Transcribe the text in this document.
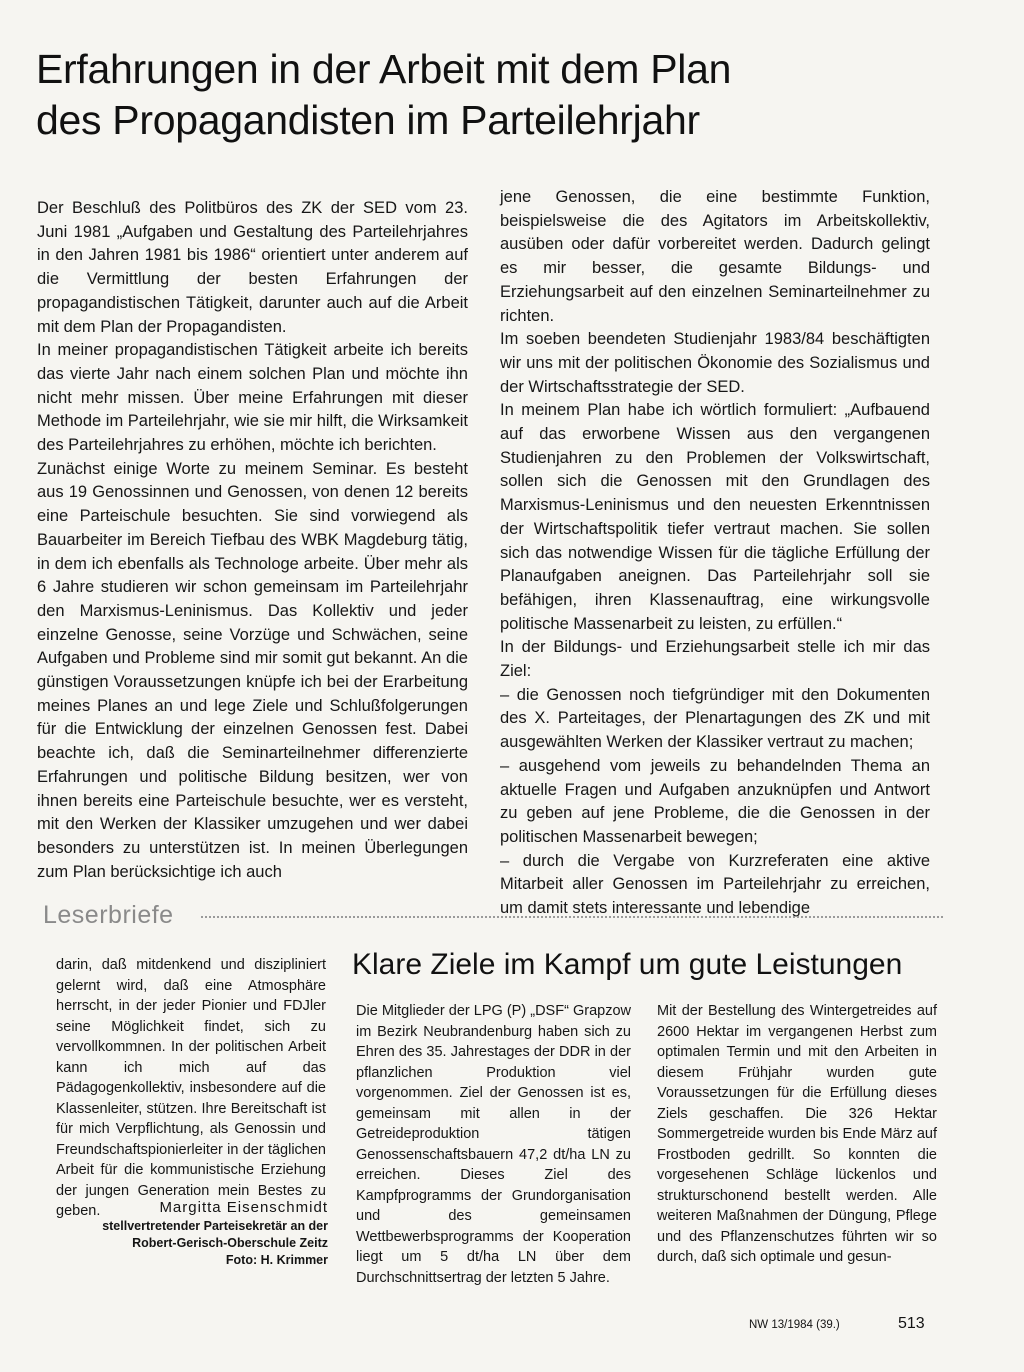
Erfahrungen in der Arbeit mit dem Plan
des Propagandisten im Parteilehrjahr

Der Beschluß des Politbüros des ZK der SED vom 23. Juni 1981 „Aufgaben und Gestaltung des Parteilehrjahres in den Jahren 1981 bis 1986“ orientiert unter anderem auf die Vermittlung der besten Erfahrungen der propagandistischen Tätigkeit, darunter auch auf die Arbeit mit dem Plan der Propagandisten.

In meiner propagandistischen Tätigkeit arbeite ich bereits das vierte Jahr nach einem solchen Plan und möchte ihn nicht mehr missen. Über meine Erfahrungen mit dieser Methode im Parteilehrjahr, wie sie mir hilft, die Wirksamkeit des Parteilehrjahres zu erhöhen, möchte ich berichten.

Zunächst einige Worte zu meinem Seminar. Es besteht aus 19 Genossinnen und Genossen, von denen 12 bereits eine Parteischule besuchten. Sie sind vorwiegend als Bauarbeiter im Bereich Tiefbau des WBK Magdeburg tätig, in dem ich ebenfalls als Technologe arbeite. Über mehr als 6 Jahre studieren wir schon gemeinsam im Parteilehrjahr den Marxismus-Leninismus. Das Kollektiv und jeder einzelne Genosse, seine Vorzüge und Schwächen, seine Aufgaben und Probleme sind mir somit gut bekannt. An die günstigen Voraussetzungen knüpfe ich bei der Erarbeitung meines Planes an und lege Ziele und Schlußfolgerungen für die Entwicklung der einzelnen Genossen fest. Dabei beachte ich, daß die Seminarteilnehmer differenzierte Erfahrungen und politische Bildung besitzen, wer von ihnen bereits eine Parteischule besuchte, wer es versteht, mit den Werken der Klassiker umzugehen und wer dabei besonders zu unterstützen ist. In meinen Überlegungen zum Plan berücksichtige ich auch

jene Genossen, die eine bestimmte Funktion, beispielsweise die des Agitators im Arbeitskollektiv, ausüben oder dafür vorbereitet werden. Dadurch gelingt es mir besser, die gesamte Bildungs- und Erziehungsarbeit auf den einzelnen Seminarteilnehmer zu richten.

Im soeben beendeten Studienjahr 1983/84 beschäftigten wir uns mit der politischen Ökonomie des Sozialismus und der Wirtschaftsstrategie der SED.

In meinem Plan habe ich wörtlich formuliert: „Aufbauend auf das erworbene Wissen aus den vergangenen Studienjahren zu den Problemen der Volkswirtschaft, sollen sich die Genossen mit den Grundlagen des Marxismus-Leninismus und den neuesten Erkenntnissen der Wirtschaftspolitik tiefer vertraut machen. Sie sollen sich das notwendige Wissen für die tägliche Erfüllung der Planaufgaben aneignen. Das Parteilehrjahr soll sie befähigen, ihren Klassenauftrag, eine wirkungsvolle politische Massenarbeit zu leisten, zu erfüllen.“

In der Bildungs- und Erziehungsarbeit stelle ich mir das Ziel:

– die Genossen noch tiefgründiger mit den Dokumenten des X. Parteitages, der Plenartagungen des ZK und mit ausgewählten Werken der Klassiker vertraut zu machen;

– ausgehend vom jeweils zu behandelnden Thema an aktuelle Fragen und Aufgaben anzuknüpfen und Antwort zu geben auf jene Probleme, die die Genossen in der politischen Massenarbeit bewegen;

– durch die Vergabe von Kurzreferaten eine aktive Mitarbeit aller Genossen im Parteilehrjahr zu erreichen, um damit stets interessante und lebendige

Leserbriefe

darin, daß mitdenkend und diszipliniert gelernt wird, daß eine Atmosphäre herrscht, in der jeder Pionier und FDJler seine Möglichkeit findet, sich zu vervollkommnen. In der politischen Arbeit kann ich mich auf das Pädagogenkollektiv, insbesondere auf die Klassenleiter, stützen. Ihre Bereitschaft ist für mich Verpflichtung, als Genossin und Freundschaftspionierleiter in der täglichen Arbeit für die kommunistische Erziehung der jungen Generation mein Bestes zu geben.	Margitta Eisenschmidt
stellvertretender Parteisekretär an der
Robert-Gerisch-Oberschule Zeitz
Foto: H. Krimmer
Klare Ziele im Kampf um gute Leistungen

Die Mitglieder der LPG (P) „DSF“ Grapzow im Bezirk Neubrandenburg haben sich zu Ehren des 35. Jahrestages der DDR in der pflanzlichen Produktion viel vorgenommen. Ziel der Genossen ist es, gemeinsam mit allen in der Getreideproduktion tätigen Genossenschaftsbauern 47,2 dt/ha LN zu erreichen. Dieses Ziel des Kampfprogramms der Grundorganisation und des gemeinsamen Wettbewerbsprogramms der Kooperation liegt um 5 dt/ha LN über dem Durchschnittsertrag der letzten 5 Jahre.

Mit der Bestellung des Wintergetreides auf 2600 Hektar im vergangenen Herbst zum optimalen Termin und mit den Arbeiten in diesem Frühjahr wurden gute Voraussetzungen für die Erfüllung dieses Ziels geschaffen. Die 326 Hektar Sommergetreide wurden bis Ende März auf Frostboden gedrillt. So konnten die vorgesehenen Schläge lückenlos und strukturschonend bestellt werden. Alle weiteren Maßnahmen der Düngung, Pflege und des Pflanzenschutzes führten wir so durch, daß sich optimale und gesun-

NW 13/1984 (39.)	513
